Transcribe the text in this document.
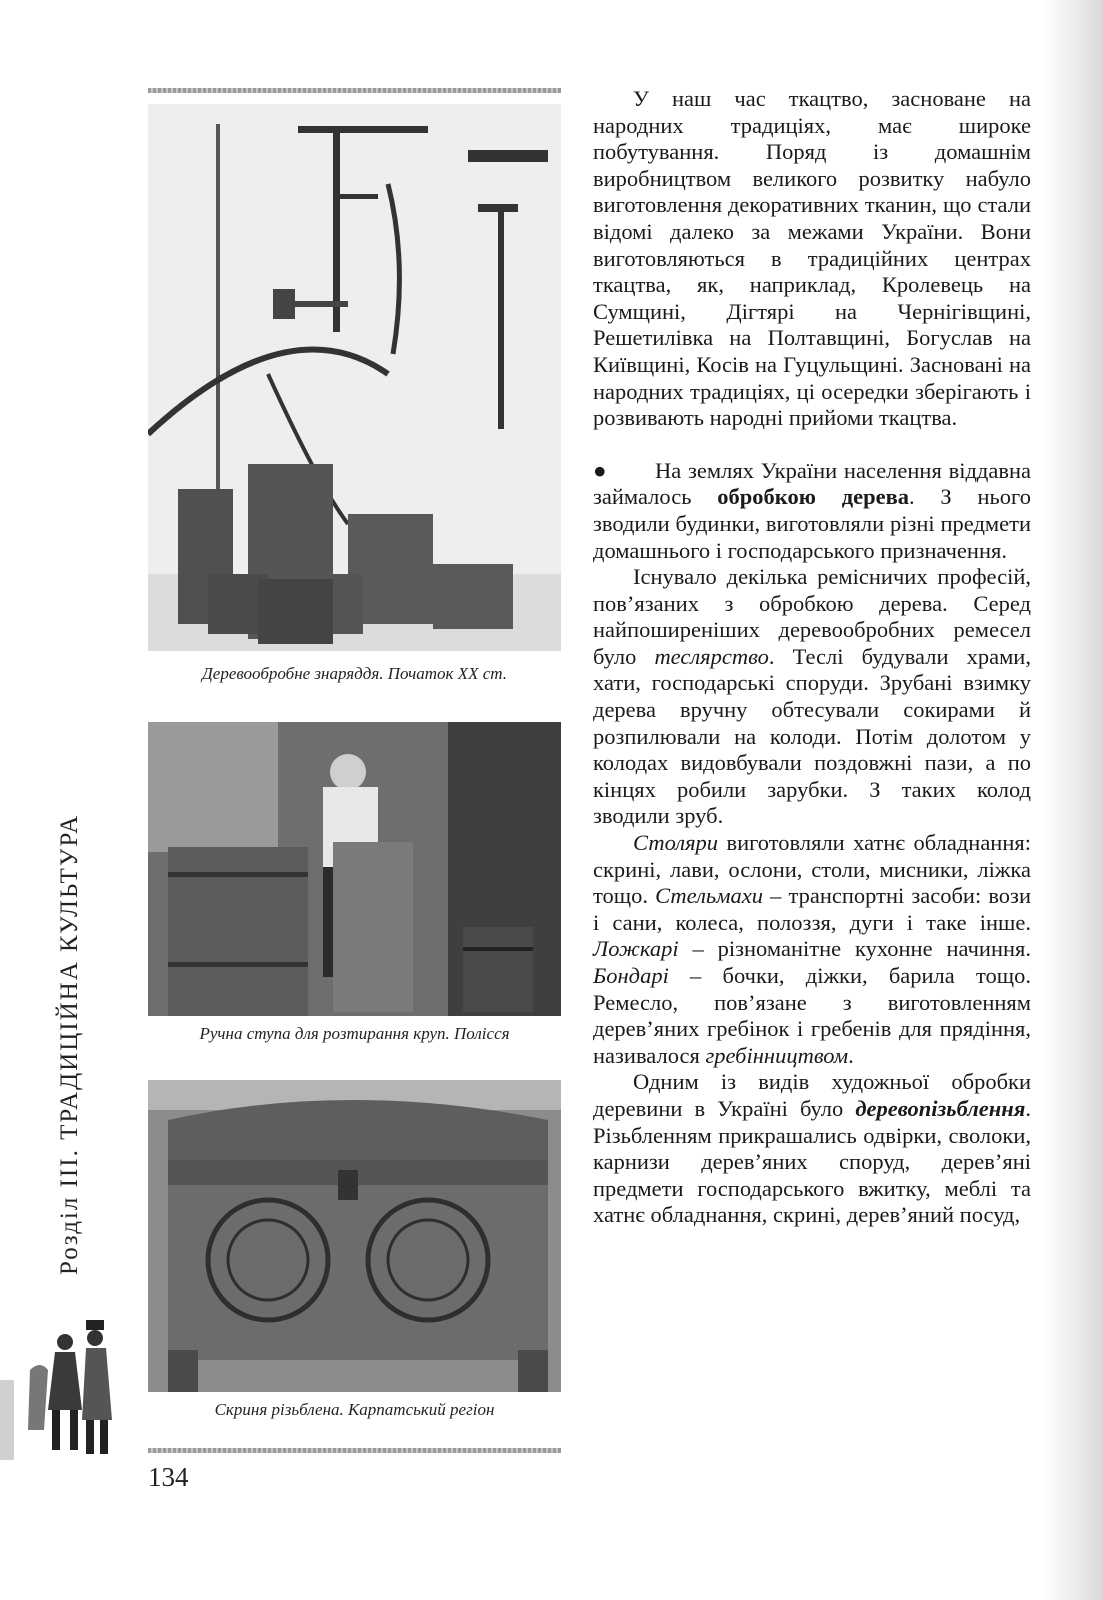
Розділ ІІІ. ТРАДИЦІЙНА КУЛЬТУРА
Деревообробне знаряддя. Початок XX ст.
Ручна ступа для розтирання круп. Полісся
Скриня різьблена. Карпатський регіон
134

У наш час ткацтво, засноване на народних традиціях, має широке побутування. Поряд із домашнім виробництвом великого розвитку набуло виготовлення декоративних тканин, що стали відомі далеко за межами України. Вони виготовляються в традиційних центрах ткацтва, як, наприклад, Кролевець на Сумщині, Дігтярі на Чернігівщині, Решетилівка на Полтавщині, Богуслав на Київщині, Косів на Гуцульщині. Засновані на народних традиціях, ці осередки зберігають і розвивають народні прийоми ткацтва.

● На землях України населення віддавна займалось обробкою дерева. З нього зводили будинки, виготовляли різні предмети домашнього і господарського призначення.

Існувало декілька ремісничих професій, пов’язаних з обробкою дерева. Серед найпоширеніших деревообробних ремесел було теслярство. Теслі будували храми, хати, господарські споруди. Зрубані взимку дерева вручну обтесували сокирами й розпилювали на колоди. Потім долотом у колодах видовбували поздовжні пази, а по кінцях робили зарубки. З таких колод зводили зруб.

Столяри виготовляли хатнє обладнання: скрині, лави, ослони, столи, мисники, ліжка тощо. Стельмахи – транспортні засоби: вози і сани, колеса, полоззя, дуги і таке інше. Ложкарі – різноманітне кухонне начиння. Бондарі – бочки, діжки, барила тощо. Ремесло, пов’язане з виготовленням дерев’яних гребінок і гребенів для прядіння, називалося гребінництвом.

Одним із видів художньої обробки деревини в Україні було деревопізьблення. Різьбленням прикрашались одвірки, сволоки, карнизи дерев’яних споруд, дерев’яні предмети господарського вжитку, меблі та хатнє обладнання, скрині, дерев’яний посуд,
